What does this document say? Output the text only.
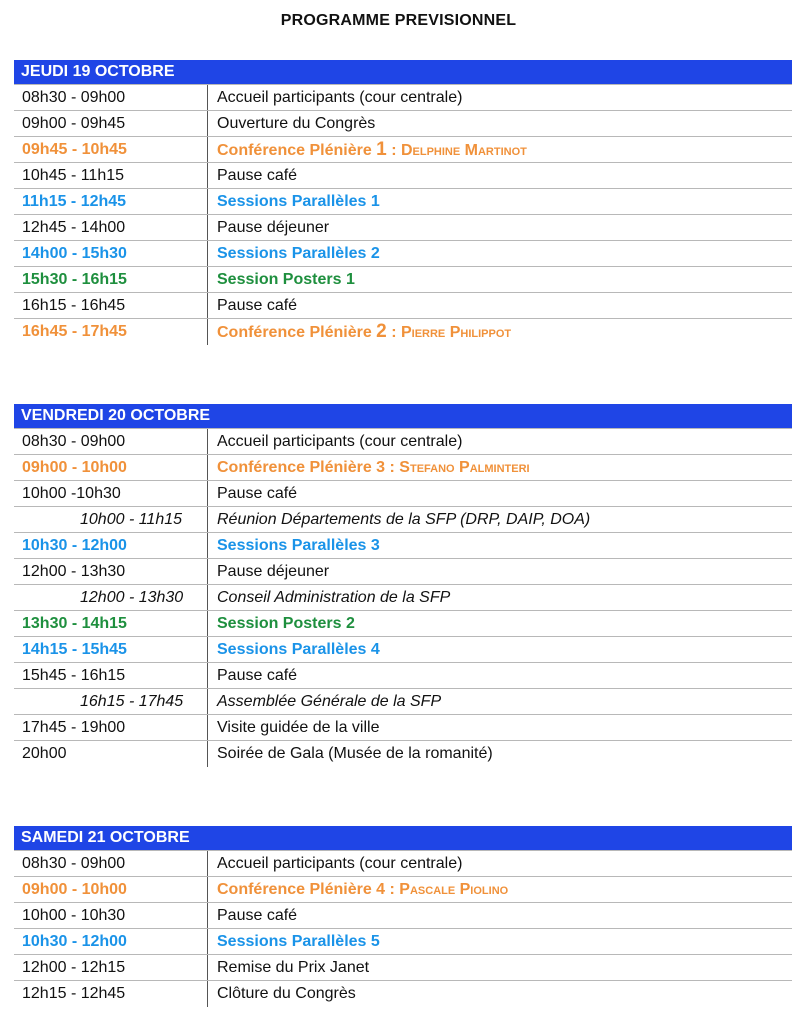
PROGRAMME PREVISIONNEL
JEUDI 19 OCTOBRE
08h30 - 09h00	Accueil participants (cour centrale)
09h00 - 09h45	Ouverture du Congrès
09h45 - 10h45	Conférence Plénière 1 : Delphine Martinot
10h45 - 11h15	Pause café
11h15 - 12h45	Sessions Parallèles 1
12h45 - 14h00	Pause déjeuner
14h00 - 15h30	Sessions Parallèles 2
15h30 - 16h15	Session Posters 1
16h15 - 16h45	Pause café
16h45 - 17h45	Conférence Plénière 2 : Pierre Philippot
VENDREDI 20 OCTOBRE
08h30 - 09h00	Accueil participants (cour centrale)
09h00 - 10h00	Conférence Plénière 3 : Stefano Palminteri
10h00 -10h30	Pause café
10h00 - 11h15 Réunion Départements de la SFP (DRP, DAIP, DOA)
10h30 - 12h00	Sessions Parallèles 3
12h00 - 13h30	Pause déjeuner
12h00 - 13h30 Conseil Administration de la SFP
13h30 - 14h15	Session Posters 2
14h15 - 15h45	Sessions Parallèles 4
15h45 - 16h15	Pause café
16h15 - 17h45 Assemblée Générale de la SFP
17h45 - 19h00	Visite guidée de la ville
20h00	Soirée de Gala (Musée de la romanité)
SAMEDI 21 OCTOBRE
08h30 - 09h00	Accueil participants (cour centrale)
09h00 - 10h00	Conférence Plénière 4 : Pascale Piolino
10h00 - 10h30	Pause café
10h30 - 12h00	Sessions Parallèles 5
12h00 - 12h15	Remise du Prix Janet
12h15 - 12h45	Clôture du Congrès
